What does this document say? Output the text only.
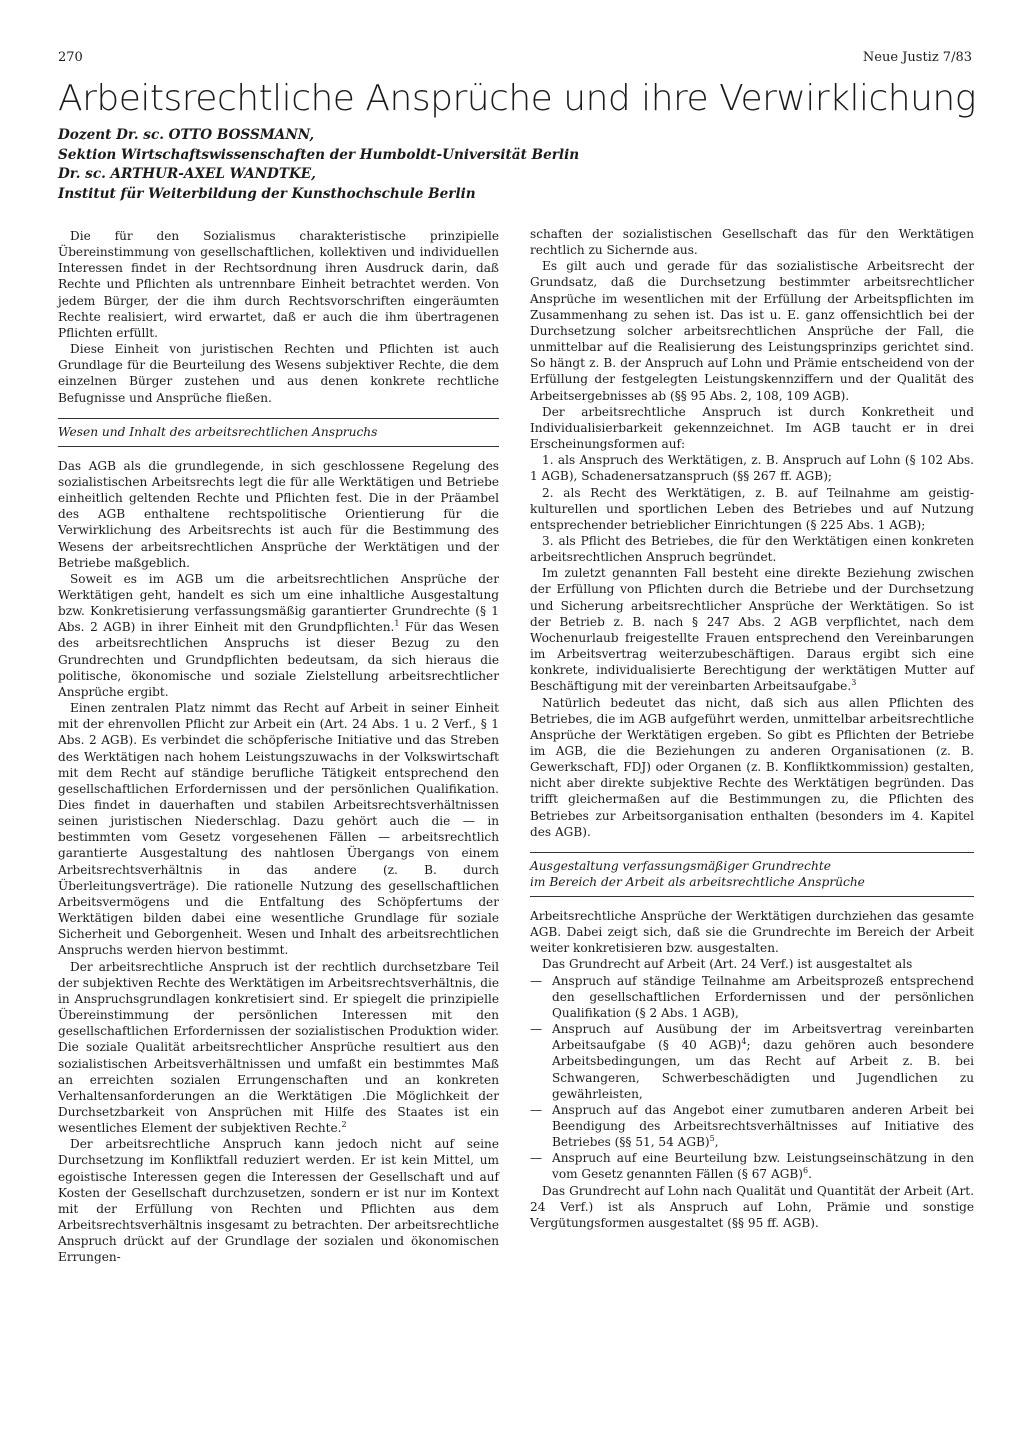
270	Neue Justiz 7/83
Arbeitsrechtliche Ansprüche und ihre Verwirklichung
Dozent Dr. sc. OTTO BOSSMANN,
Sektion Wirtschaftswissenschaften der Humboldt-Universität Berlin
Dr. sc. ARTHUR-AXEL WANDTKE,
Institut für Weiterbildung der Kunsthochschule Berlin

Die für den Sozialismus charakteristische prinzipielle Übereinstimmung von gesellschaftlichen, kollektiven und individuellen Interessen findet in der Rechtsordnung ihren Ausdruck darin, daß Rechte und Pflichten als untrennbare Einheit betrachtet werden. Von jedem Bürger, der die ihm durch Rechtsvorschriften eingeräumten Rechte realisiert, wird erwartet, daß er auch die ihm übertragenen Pflichten erfüllt.

Diese Einheit von juristischen Rechten und Pflichten ist auch Grundlage für die Beurteilung des Wesens subjektiver Rechte, die dem einzelnen Bürger zustehen und aus denen konkrete rechtliche Befugnisse und Ansprüche fließen.

Wesen und Inhalt des arbeitsrechtlichen Anspruchs

Das AGB als die grundlegende, in sich geschlossene Regelung des sozialistischen Arbeitsrechts legt die für alle Werktätigen und Betriebe einheitlich geltenden Rechte und Pflichten fest. Die in der Präambel des AGB enthaltene rechtspolitische Orientierung für die Verwirklichung des Arbeitsrechts ist auch für die Bestimmung des Wesens der arbeitsrechtlichen Ansprüche der Werktätigen und der Betriebe maßgeblich.

Soweit es im AGB um die arbeitsrechtlichen Ansprüche der Werktätigen geht, handelt es sich um eine inhaltliche Ausgestaltung bzw. Konkretisierung verfassungsmäßig garantierter Grundrechte (§ 1 Abs. 2 AGB) in ihrer Einheit mit den Grundpflichten.$^1$ Für das Wesen des arbeitsrechtlichen Anspruchs ist dieser Bezug zu den Grundrechten und Grundpflichten bedeutsam, da sich hieraus die politische, ökonomische und soziale Zielstellung arbeitsrechtlicher Ansprüche ergibt.

Einen zentralen Platz nimmt das Recht auf Arbeit in seiner Einheit mit der ehrenvollen Pflicht zur Arbeit ein (Art. 24 Abs. 1 u. 2 Verf., § 1 Abs. 2 AGB). Es verbindet die schöpferische Initiative und das Streben des Werktätigen nach hohem Leistungszuwachs in der Volkswirtschaft mit dem Recht auf ständige berufliche Tätigkeit entsprechend den gesellschaftlichen Erfordernissen und der persönlichen Qualifikation. Dies findet in dauerhaften und stabilen Arbeitsrechtsverhältnissen seinen juristischen Niederschlag. Dazu gehört auch die — in bestimmten vom Gesetz vorgesehenen Fällen — arbeitsrechtlich garantierte Ausgestaltung des nahtlosen Übergangs von einem Arbeitsrechtsverhältnis in das andere (z. B. durch Überleitungsverträge). Die rationelle Nutzung des gesellschaftlichen Arbeitsvermögens und die Entfaltung des Schöpfertums der Werktätigen bilden dabei eine wesentliche Grundlage für soziale Sicherheit und Geborgenheit. Wesen und Inhalt des arbeitsrechtlichen Anspruchs werden hiervon bestimmt.

Der arbeitsrechtliche Anspruch ist der rechtlich durchsetzbare Teil der subjektiven Rechte des Werktätigen im Arbeitsrechtsverhältnis, die in Anspruchsgrundlagen konkretisiert sind. Er spiegelt die prinzipielle Übereinstimmung der persönlichen Interessen mit den gesellschaftlichen Erfordernissen der sozialistischen Produktion wider. Die soziale Qualität arbeitsrechtlicher Ansprüche resultiert aus den sozialistischen Arbeitsverhältnissen und umfaßt ein bestimmtes Maß an erreichten sozialen Errungenschaften und an konkreten Verhaltensanforderungen an die Werktätigen .Die Möglichkeit der Durchsetzbarkeit von Ansprüchen mit Hilfe des Staates ist ein wesentliches Element der subjektiven Rechte.$^2$

Der arbeitsrechtliche Anspruch kann jedoch nicht auf seine Durchsetzung im Konfliktfall reduziert werden. Er ist kein Mittel, um egoistische Interessen gegen die Interessen der Gesellschaft und auf Kosten der Gesellschaft durchzusetzen, sondern er ist nur im Kontext mit der Erfüllung von Rechten und Pflichten aus dem Arbeitsrechtsverhältnis insgesamt zu betrachten. Der arbeitsrechtliche Anspruch drückt auf der Grundlage der sozialen und ökonomischen Errungen-

schaften der sozialistischen Gesellschaft das für den Werktätigen rechtlich zu Sichernde aus.

Es gilt auch und gerade für das sozialistische Arbeitsrecht der Grundsatz, daß die Durchsetzung bestimmter arbeitsrechtlicher Ansprüche im wesentlichen mit der Erfüllung der Arbeitspflichten im Zusammenhang zu sehen ist. Das ist u. E. ganz offensichtlich bei der Durchsetzung solcher arbeitsrechtlichen Ansprüche der Fall, die unmittelbar auf die Realisierung des Leistungsprinzips gerichtet sind. So hängt z. B. der Anspruch auf Lohn und Prämie entscheidend von der Erfüllung der festgelegten Leistungskennziffern und der Qualität des Arbeitsergebnisses ab (§§ 95 Abs. 2, 108, 109 AGB).

Der arbeitsrechtliche Anspruch ist durch Konkretheit und Individualisierbarkeit gekennzeichnet. Im AGB taucht er in drei Erscheinungsformen auf:

1. als Anspruch des Werktätigen, z. B. Anspruch auf Lohn (§ 102 Abs. 1 AGB), Schadenersatzanspruch (§§ 267 ff. AGB);

2. als Recht des Werktätigen, z. B. auf Teilnahme am geistig-kulturellen und sportlichen Leben des Betriebes und auf Nutzung entsprechender betrieblicher Einrichtungen (§ 225 Abs. 1 AGB);

3. als Pflicht des Betriebes, die für den Werktätigen einen konkreten arbeitsrechtlichen Anspruch begründet.

Im zuletzt genannten Fall besteht eine direkte Beziehung zwischen der Erfüllung von Pflichten durch die Betriebe und der Durchsetzung und Sicherung arbeitsrechtlicher Ansprüche der Werktätigen. So ist der Betrieb z. B. nach § 247 Abs. 2 AGB verpflichtet, nach dem Wochenurlaub freigestellte Frauen entsprechend den Vereinbarungen im Arbeitsvertrag weiterzubeschäftigen. Daraus ergibt sich eine konkrete, individualisierte Berechtigung der werktätigen Mutter auf Beschäftigung mit der vereinbarten Arbeitsaufgabe.$^3$

Natürlich bedeutet das nicht, daß sich aus allen Pflichten des Betriebes, die im AGB aufgeführt werden, unmittelbar arbeitsrechtliche Ansprüche der Werktätigen ergeben. So gibt es Pflichten der Betriebe im AGB, die die Beziehungen zu anderen Organisationen (z. B. Gewerkschaft, FDJ) oder Organen (z. B. Konfliktkommission) gestalten, nicht aber direkte subjektive Rechte des Werktätigen begründen. Das trifft gleichermaßen auf die Bestimmungen zu, die Pflichten des Betriebes zur Arbeitsorganisation enthalten (besonders im 4. Kapitel des AGB).

Ausgestaltung verfassungsmäßiger Grundrechte
im Bereich der Arbeit als arbeitsrechtliche Ansprüche

Arbeitsrechtliche Ansprüche der Werktätigen durchziehen das gesamte AGB. Dabei zeigt sich, daß sie die Grundrechte im Bereich der Arbeit weiter konkretisieren bzw. ausgestalten.

Das Grundrecht auf Arbeit (Art. 24 Verf.) ist ausgestaltet als

— Anspruch auf ständige Teilnahme am Arbeitsprozeß entsprechend den gesellschaftlichen Erfordernissen und der persönlichen Qualifikation (§ 2 Abs. 1 AGB),
— Anspruch auf Ausübung der im Arbeitsvertrag vereinbarten Arbeitsaufgabe (§ 40 AGB)$^4$; dazu gehören auch besondere Arbeitsbedingungen, um das Recht auf Arbeit z. B. bei Schwangeren, Schwerbeschädigten und Jugendlichen zu gewährleisten,
— Anspruch auf das Angebot einer zumutbaren anderen Arbeit bei Beendigung des Arbeitsrechtsverhältnisses auf Initiative des Betriebes (§§ 51, 54 AGB)$^5$,
— Anspruch auf eine Beurteilung bzw. Leistungseinschätzung in den vom Gesetz genannten Fällen (§ 67 AGB)$^6$.

Das Grundrecht auf Lohn nach Qualität und Quantität der Arbeit (Art. 24 Verf.) ist als Anspruch auf Lohn, Prämie und sonstige Vergütungsformen ausgestaltet (§§ 95 ff. AGB).
